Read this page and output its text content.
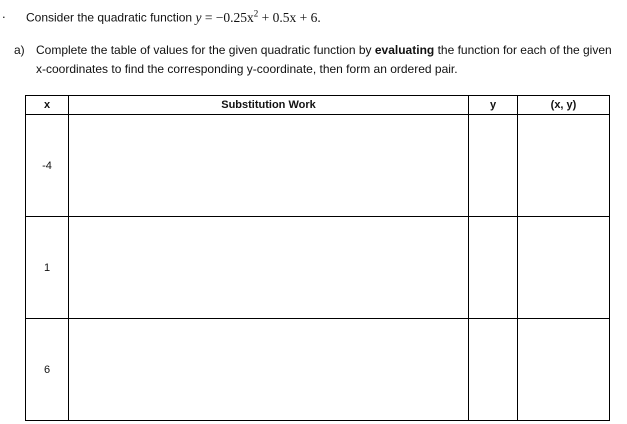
. Consider the quadratic function $y = -0.25x^2 + 0.5x + 6$.
a) Complete the table of values for the given quadratic function by evaluating the function for each of the given x-coordinates to find the corresponding y-coordinate, then form an ordered pair.
x	Substitution Work	y	(x, y)
-4			
1			
6			
